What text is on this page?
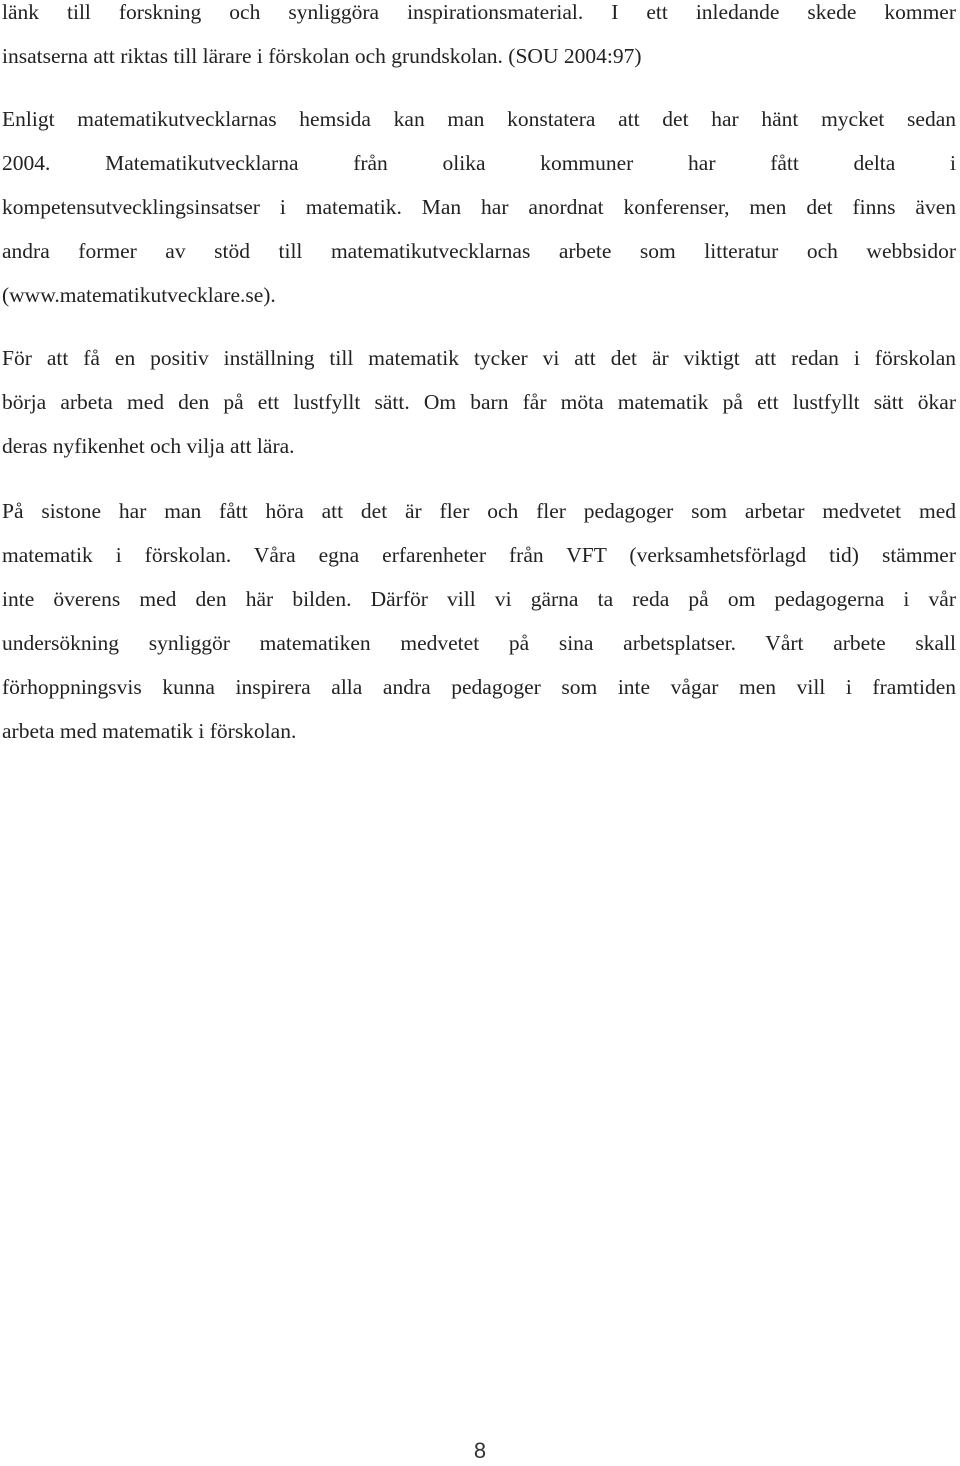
länk till forskning och synliggöra inspirationsmaterial. I ett inledande skede kommer
insatserna att riktas till lärare i förskolan och grundskolan. (SOU 2004:97)
Enligt matematikutvecklarnas hemsida kan man konstatera att det har hänt mycket sedan
2004. Matematikutvecklarna från olika kommuner har fått delta i
kompetensutvecklingsinsatser i matematik. Man har anordnat konferenser, men det finns även
andra former av stöd till matematikutvecklarnas arbete som litteratur och webbsidor
(www.matematikutvecklare.se).
För att få en positiv inställning till matematik tycker vi att det är viktigt att redan i förskolan
börja arbeta med den på ett lustfyllt sätt. Om barn får möta matematik på ett lustfyllt sätt ökar
deras nyfikenhet och vilja att lära.
På sistone har man fått höra att det är fler och fler pedagoger som arbetar medvetet med
matematik i förskolan. Våra egna erfarenheter från VFT (verksamhetsförlagd tid) stämmer
inte överens med den här bilden. Därför vill vi gärna ta reda på om pedagogerna i vår
undersökning synliggör matematiken medvetet på sina arbetsplatser. Vårt arbete skall
förhoppningsvis kunna inspirera alla andra pedagoger som inte vågar men vill i framtiden
arbeta med matematik i förskolan.
8
